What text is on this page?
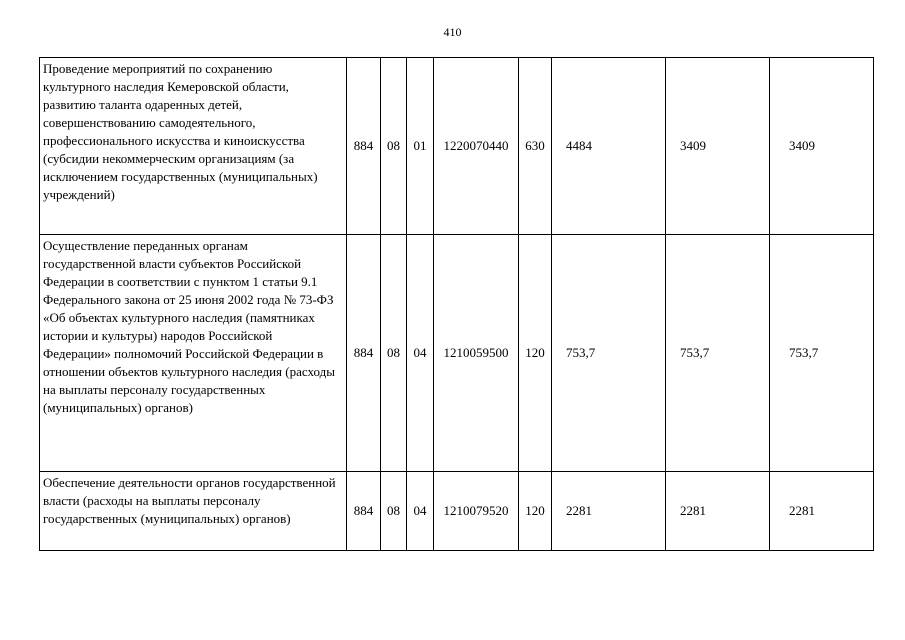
410
Проведение мероприятий по сохранению культурного наследия Кемеровской области, развитию таланта одаренных детей, совершенствованию самодеятельного, профессионального искусства и киноискусства (субсидии некоммерческим организациям (за исключением государственных (муниципальных) учреждений)	884	08	01	1220070440	630	4484	3409	3409
Осуществление переданных органам государственной власти субъектов Российской Федерации в соответствии с пунктом 1 статьи 9.1 Федерального закона от 25 июня 2002 года № 73-ФЗ «Об объектах культурного наследия (памятниках истории и культуры) народов Российской Федерации» полномочий Российской Федерации в отношении объектов культурного наследия (расходы на выплаты персоналу государственных (муниципальных) органов)	884	08	04	1210059500	120	753,7	753,7	753,7
Обеспечение деятельности органов государственной власти (расходы на выплаты персоналу государственных (муниципальных) органов)	884	08	04	1210079520	120	2281	2281	2281
